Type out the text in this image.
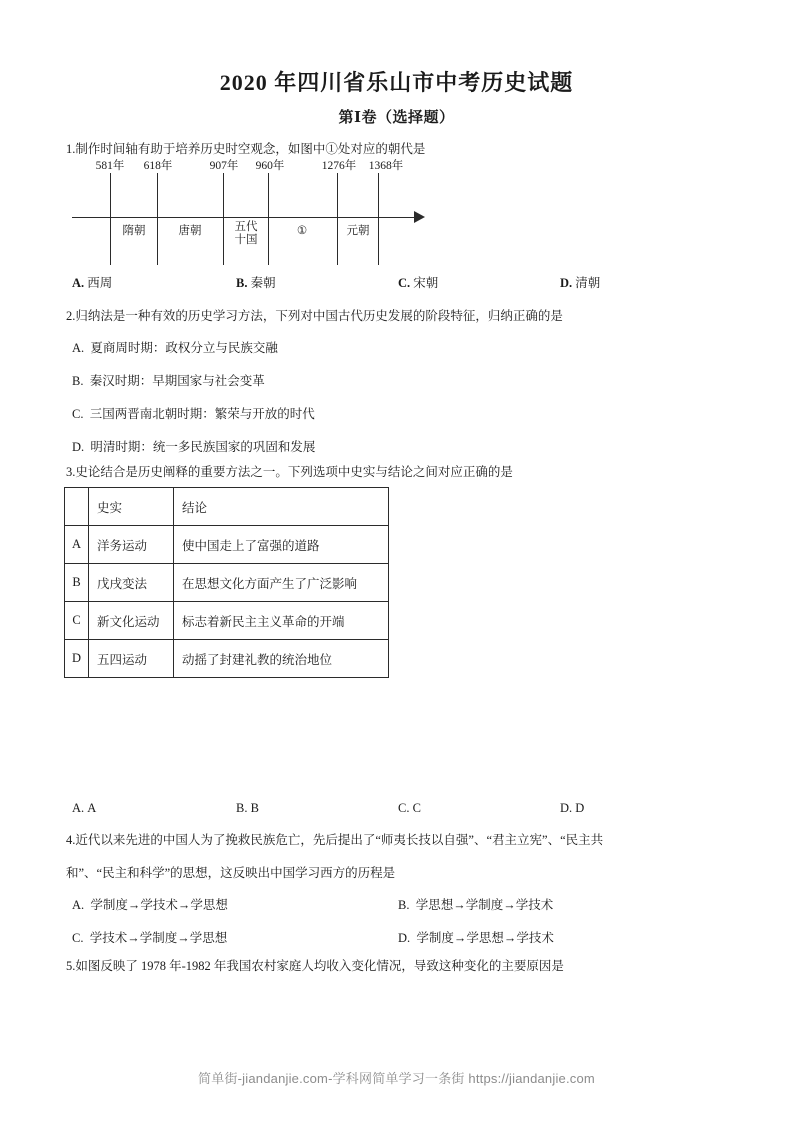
2020 年四川省乐山市中考历史试题
第Ⅰ卷（选择题）
1.制作时间轴有助于培养历史时空观念，如图中①处对应的朝代是
581年 618年	907年 960年	1276年 1368年
隋朝	唐朝	五代
十国
①	元朝
A. 西周	B. 秦朝	C. 宋朝	D. 清朝
2.归纳法是一种有效的历史学习方法，下列对中国古代历史发展的阶段特征，归纳正确的是
A. 夏商周时期：政权分立与民族交融
B. 秦汉时期：早期国家与社会变革
C. 三国两晋南北朝时期：繁荣与开放的时代
D. 明清时期：统一多民族国家的巩固和发展
3.史论结合是历史阐释的重要方法之一。下列选项中史实与结论之间对应正确的是
	史实	结论
A	洋务运动	使中国走上了富强的道路
B	戊戌变法	在思想文化方面产生了广泛影响
C	新文化运动	标志着新民主主义革命的开端
D	五四运动	动摇了封建礼教的统治地位
A. A	B. B	C. C	D. D
4.近代以来先进的中国人为了挽救民族危亡，先后提出了“师夷长技以自强”、“君主立宪”、“民主共
和”、“民主和科学”的思想，这反映出中国学习西方的历程是
A. 学制度→学技术→学思想	B. 学思想→学制度→学技术
C. 学技术→学制度→学思想	D. 学制度→学思想→学技术
5.如图反映了 1978 年-1982 年我国农村家庭人均收入变化情况，导致这种变化的主要原因是
简单街-jiandanjie.com-学科网简单学习一条街 https://jiandanjie.com
